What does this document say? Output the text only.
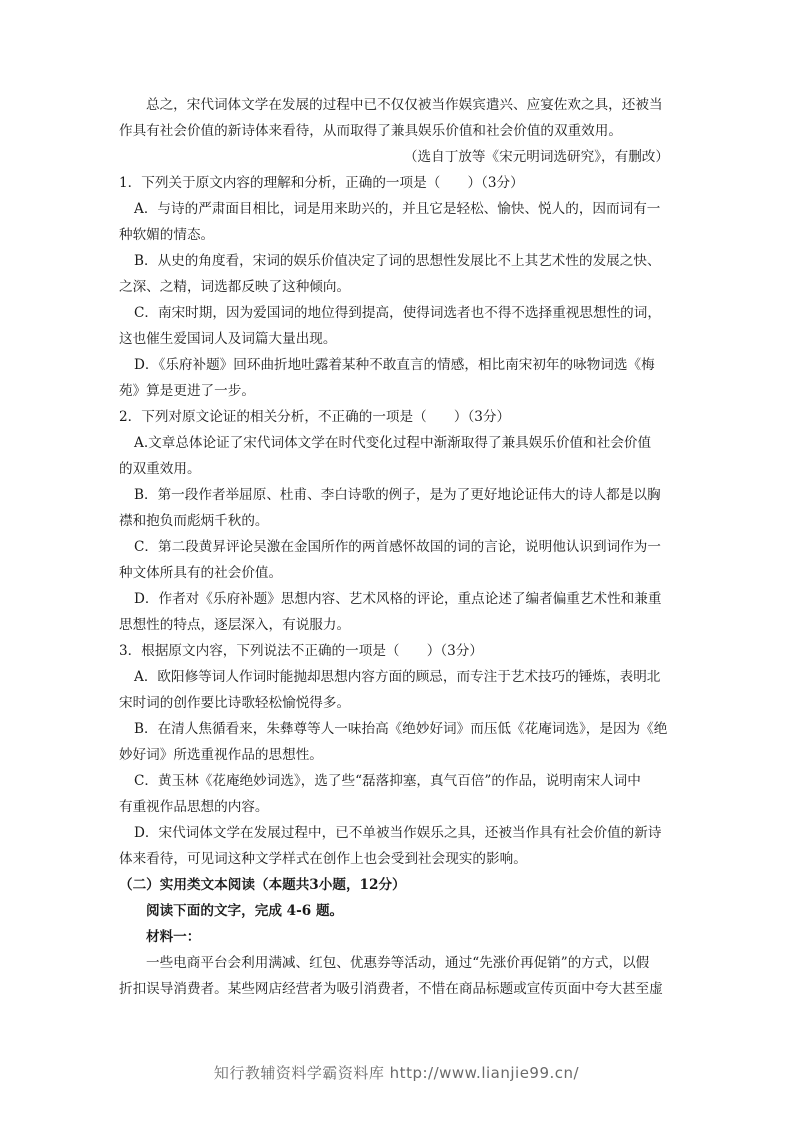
总之，宋代词体文学在发展的过程中已不仅仅被当作娱宾遣兴、应宴佐欢之具，还被当
作具有社会价值的新诗体来看待，从而取得了兼具娱乐价值和社会价值的双重效用。
（选自丁放等《宋元明词选研究》，有删改）
1．下列关于原文内容的理解和分析，正确的一项是（　　）（3分）
A．与诗的严肃面目相比，词是用来助兴的，并且它是轻松、愉快、悦人的，因而词有一
种软媚的情态。
B．从史的角度看，宋词的娱乐价值决定了词的思想性发展比不上其艺术性的发展之快、
之深、之精，词选都反映了这种倾向。
C．南宋时期，因为爱国词的地位得到提高，使得词选者也不得不选择重视思想性的词，
这也催生爱国词人及词篇大量出现。
D．《乐府补题》回环曲折地吐露着某种不敢直言的情感，相比南宋初年的咏物词选《梅
苑》算是更进了一步。
2．下列对原文论证的相关分析，不正确的一项是（　　）（3分）
A.文章总体论证了宋代词体文学在时代变化过程中渐渐取得了兼具娱乐价值和社会价值
的双重效用。
B．第一段作者举屈原、杜甫、李白诗歌的例子，是为了更好地论证伟大的诗人都是以胸
襟和抱负而彪炳千秋的。
C．第二段黄昇评论吴激在金国所作的两首感怀故国的词的言论，说明他认识到词作为一
种文体所具有的社会价值。
D．作者对《乐府补题》思想内容、艺术风格的评论，重点论述了编者偏重艺术性和兼重
思想性的特点，逐层深入，有说服力。
3．根据原文内容，下列说法不正确的一项是（　　）（3分）
A．欧阳修等词人作词时能抛却思想内容方面的顾忌，而专注于艺术技巧的锤炼，表明北
宋时词的创作要比诗歌轻松愉悦得多。
B．在清人焦循看来，朱彝尊等人一味抬高《绝妙好词》而压低《花庵词选》，是因为《绝
妙好词》所选重视作品的思想性。
C．黄玉林《花庵绝妙词选》，选了些“磊落抑塞，真气百倍”的作品，说明南宋人词中
有重视作品思想的内容。
D．宋代词体文学在发展过程中，已不单被当作娱乐之具，还被当作具有社会价值的新诗
体来看待，可见词这种文学样式在创作上也会受到社会现实的影响。
（二）实用类文本阅读（本题共3小题，12分）
阅读下面的文字，完成 4-6 题。
材料一：
一些电商平台会利用满减、红包、优惠券等活动，通过“先涨价再促销”的方式，以假
折扣误导消费者。某些网店经营者为吸引消费者，不惜在商品标题或宣传页面中夸大甚至虚
知行教辅资料学霸资料库 http://www.lianjie99.cn/
